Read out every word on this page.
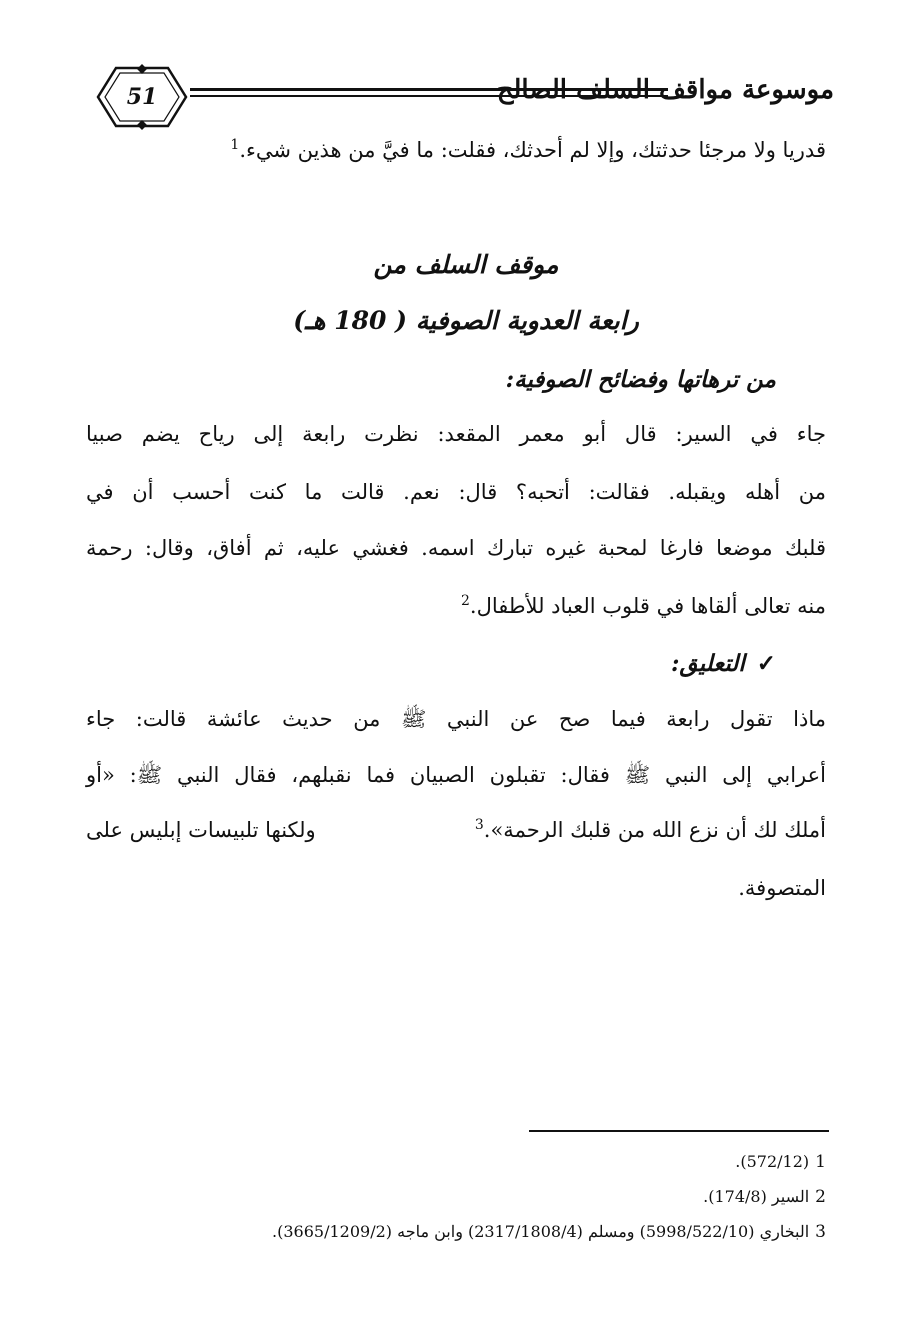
51	موسوعة مواقف السلف الصالح
قدريا ولا مرجئا حدثتك، وإلا لم أحدثك، فقلت: ما فيَّ من هذين شيء.$^1$
موقف السلف من
رابعة العدوية الصوفية ( 180 هـ)
من ترهاتها وفضائح الصوفية:
جاء في السير: قال أبو معمر المقعد: نظرت رابعة إلى رياح يضم صبيا
من أهله ويقبله. فقالت: أتحبه؟ قال: نعم. قالت ما كنت أحسب أن في
قلبك موضعا فارغا لمحبة غيره تبارك اسمه. فغشي عليه، ثم أفاق، وقال: رحمة
منه تعالى ألقاها في قلوب العباد للأطفال.$^2$
✓التعليق:
ماذا تقول رابعة فيما صح عن النبي ﷺ من حديث عائشة قالت: جاء
أعرابي إلى النبي ﷺ فقال: تقبلون الصبيان فما نقبلهم، فقال النبي ﷺ: «أو
أملك لك أن نزع الله من قلبك الرحمة».$^3$
ولكنها تلبيسات إبليس على
المتصوفة.
1(572/12).
2السير (174/8).
3البخاري (5998/522/10) ومسلم (2317/1808/4) وابن ماجه (3665/1209/2).
